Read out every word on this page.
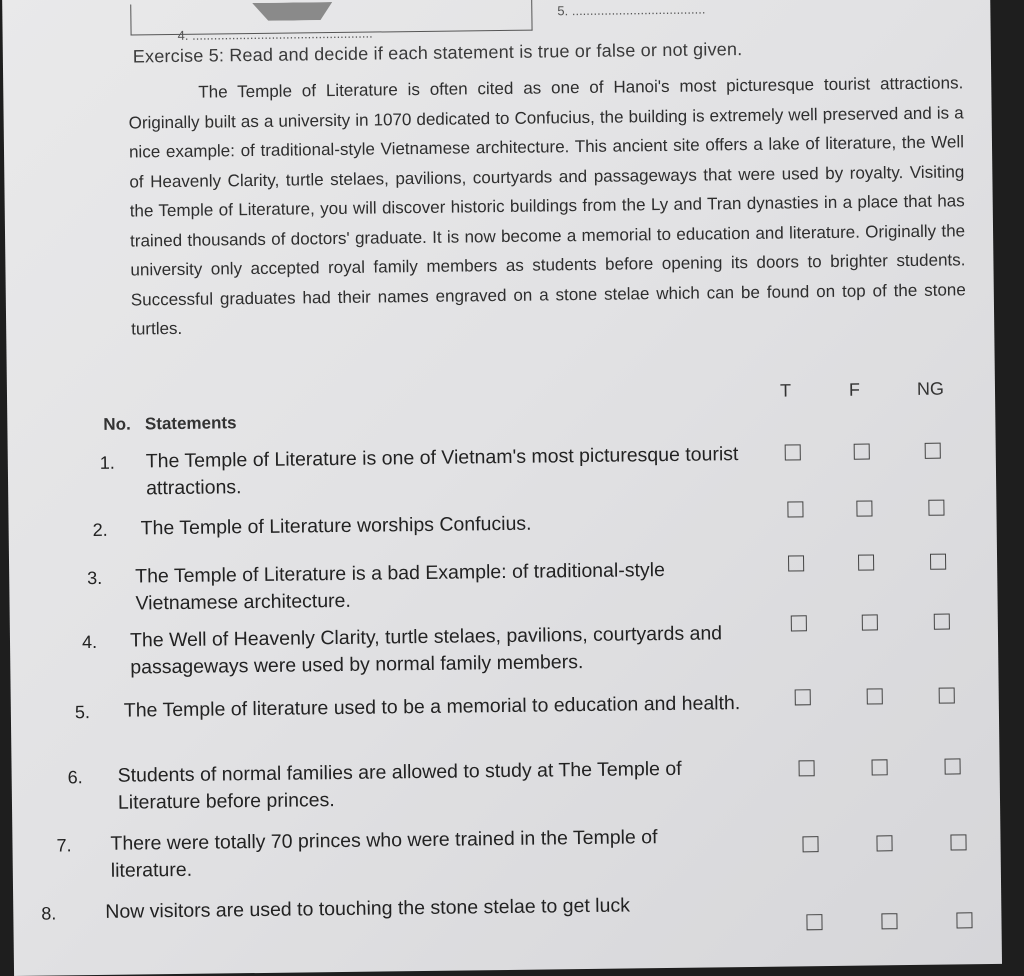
4. ..................................................
5. .....................................
Exercise 5: Read and decide if each statement is true or false or not given.
The Temple of Literature is often cited as one of Hanoi's most picturesque tourist attractions. Originally built as a university in 1070 dedicated to Confucius, the building is extremely well preserved and is a nice example: of traditional-style Vietnamese architecture. This ancient site offers a lake of literature, the Well of Heavenly Clarity, turtle stelaes, pavilions, courtyards and passageways that were used by royalty. Visiting the Temple of Literature, you will discover historic buildings from the Ly and Tran dynasties in a place that has trained thousands of doctors' graduate. It is now become a memorial to education and literature. Originally the university only accepted royal family members as students before opening its doors to brighter students. Successful graduates had their names engraved on a stone stelae which can be found on top of the stone turtles.
T	F	NG
No. Statements
1. The Temple of Literature is one of Vietnam's most picturesque tourist attractions.
2. The Temple of Literature worships Confucius.
3. The Temple of Literature is a bad Example: of traditional-style Vietnamese architecture.
4. The Well of Heavenly Clarity, turtle stelaes, pavilions, courtyards and passageways were used by normal family members.
5. The Temple of literature used to be a memorial to education and health.
6. Students of normal families are allowed to study at The Temple of Literature before princes.
7. There were totally 70 princes who were trained in the Temple of literature.
8. Now visitors are used to touching the stone stelae to get luck
